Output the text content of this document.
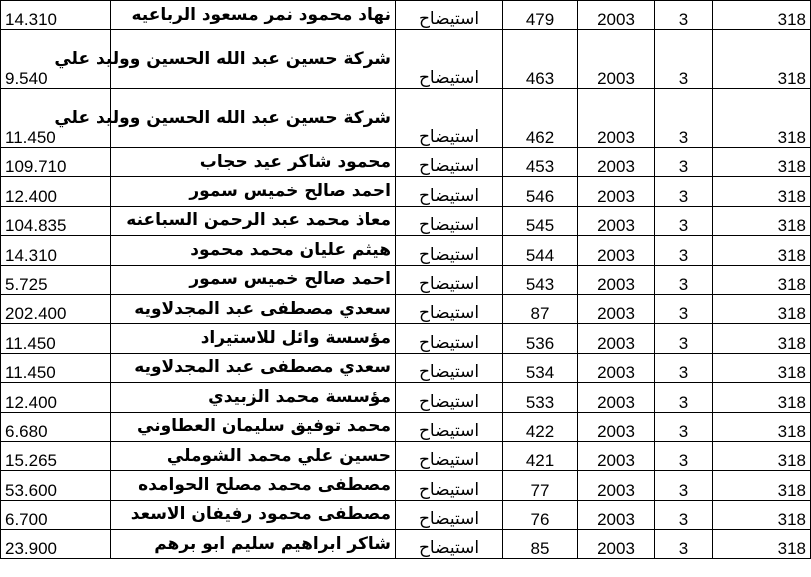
14.310	نهاد محمود نمر مسعود الرباعيه	استيضاح	479	2003	3	318
9.540	شركة حسين عبد الله الحسين ووليد علي	استيضاح	463	2003	3	318
11.450	شركة حسين عبد الله الحسين ووليد علي	استيضاح	462	2003	3	318
109.710	محمود شاكر عيد حجاب	استيضاح	453	2003	3	318
12.400	احمد صالح خميس سمور	استيضاح	546	2003	3	318
104.835	معاذ محمد عبد الرحمن السباعنه	استيضاح	545	2003	3	318
14.310	هيثم عليان محمد محمود	استيضاح	544	2003	3	318
5.725	احمد صالح خميس سمور	استيضاح	543	2003	3	318
202.400	سعدي مصطفى عبد المجدلاويه	استيضاح	87	2003	3	318
11.450	مؤسسة وائل للاستيراد	استيضاح	536	2003	3	318
11.450	سعدي مصطفى عبد المجدلاويه	استيضاح	534	2003	3	318
12.400	مؤسسة محمد الزبيدي	استيضاح	533	2003	3	318
6.680	محمد توفيق سليمان العطاوني	استيضاح	422	2003	3	318
15.265	حسين علي محمد الشوملي	استيضاح	421	2003	3	318
53.600	مصطفى محمد مصلح الحوامده	استيضاح	77	2003	3	318
6.700	مصطفى محمود رفيفان الاسعد	استيضاح	76	2003	3	318
23.900	شاكر ابراهيم سليم ابو برهم	استيضاح	85	2003	3	318
